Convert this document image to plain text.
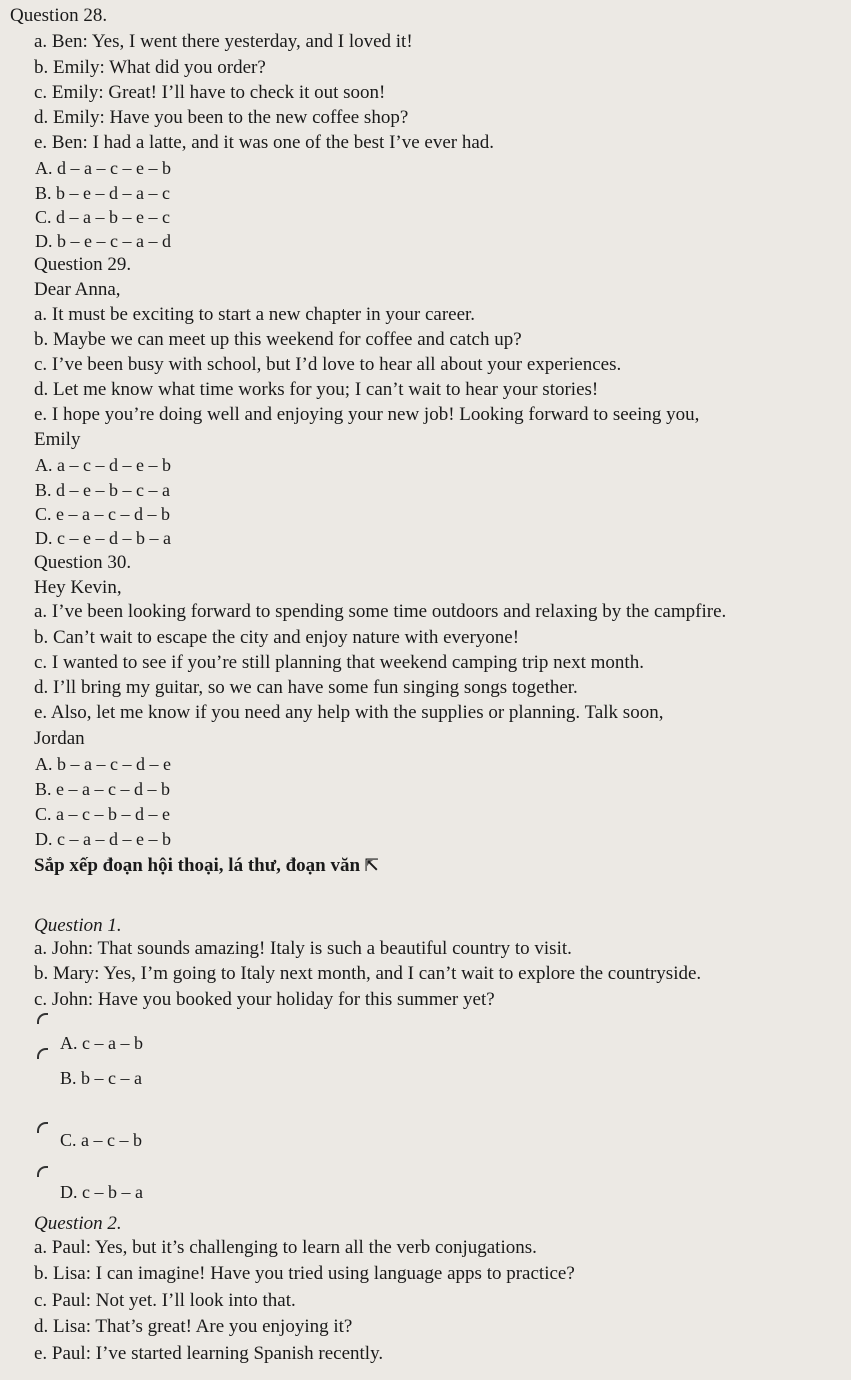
Question 28.
a. Ben: Yes, I went there yesterday, and I loved it!
b. Emily: What did you order?
c. Emily: Great! I’ll have to check it out soon!
d. Emily: Have you been to the new coffee shop?
e. Ben: I had a latte, and it was one of the best I’ve ever had.
A. d – a – c – e – b
B. b – e – d – a – c
C. d – a – b – e – c
D. b – e – c – a – d
Question 29.
Dear Anna,
a. It must be exciting to start a new chapter in your career.
b. Maybe we can meet up this weekend for coffee and catch up?
c. I’ve been busy with school, but I’d love to hear all about your experiences.
d. Let me know what time works for you; I can’t wait to hear your stories!
e. I hope you’re doing well and enjoying your new job! Looking forward to seeing you,
Emily
A. a – c – d – e – b
B. d – e – b – c – a
C. e – a – c – d – b
D. c – e – d – b – a
Question 30.
Hey Kevin,
a. I’ve been looking forward to spending some time outdoors and relaxing by the campfire.
b. Can’t wait to escape the city and enjoy nature with everyone!
c. I wanted to see if you’re still planning that weekend camping trip next month.
d. I’ll bring my guitar, so we can have some fun singing songs together.
e. Also, let me know if you need any help with the supplies or planning. Talk soon,
Jordan
A. b – a – c – d – e
B. e – a – c – d – b
C. a – c – b – d – e
D. c – a – d – e – b
Sắp xếp đoạn hội thoại, lá thư, đoạn văn ⇱
Question 1.
a. John: That sounds amazing! Italy is such a beautiful country to visit.
b. Mary: Yes, I’m going to Italy next month, and I can’t wait to explore the countryside.
c. John: Have you booked your holiday for this summer yet?
A. c – a – b
B. b – c – a
C. a – c – b
D. c – b – a
Question 2.
a. Paul: Yes, but it’s challenging to learn all the verb conjugations.
b. Lisa: I can imagine! Have you tried using language apps to practice?
c. Paul: Not yet. I’ll look into that.
d. Lisa: That’s great! Are you enjoying it?
e. Paul: I’ve started learning Spanish recently.
